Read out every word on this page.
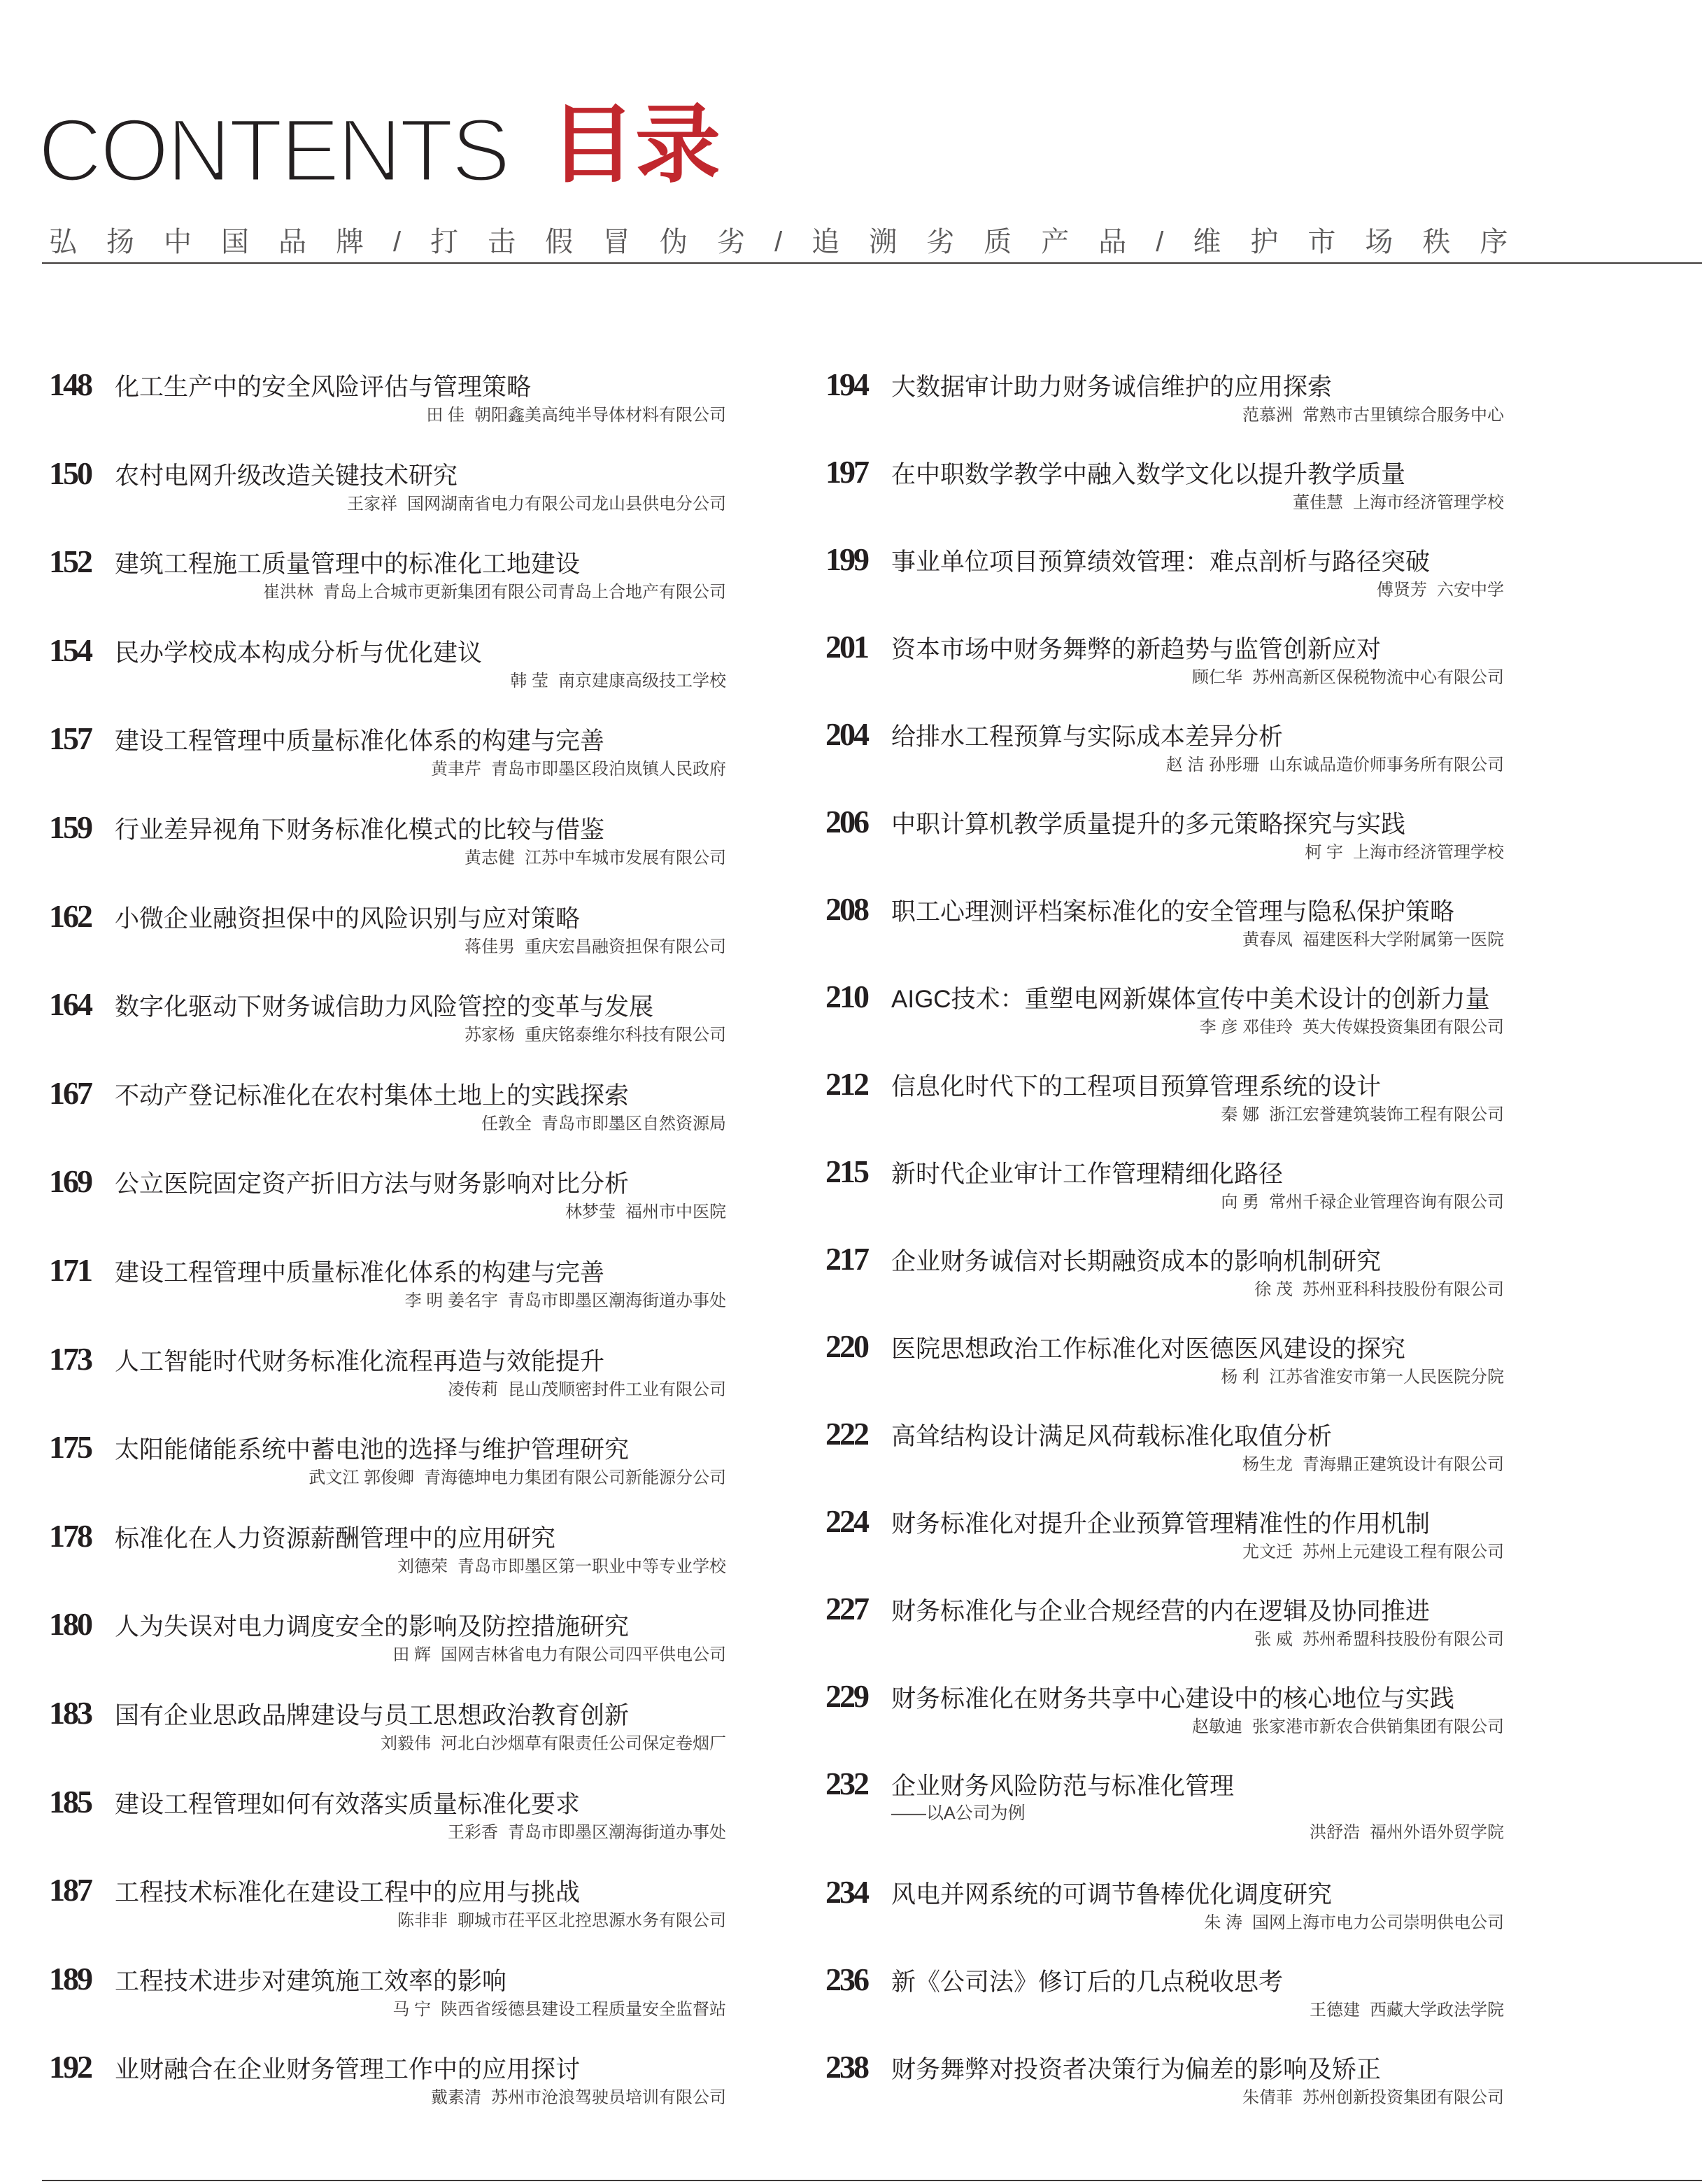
CONTENTS 目录
弘扬中国品牌/打击假冒伪劣/追溯劣质产品/维护市场秩序
148 化工生产中的安全风险评估与管理策略
田 佳 朝阳鑫美高纯半导体材料有限公司
150 农村电网升级改造关键技术研究
王家祥 国网湖南省电力有限公司龙山县供电分公司
152 建筑工程施工质量管理中的标准化工地建设
崔洪林 青岛上合城市更新集团有限公司青岛上合地产有限公司
154 民办学校成本构成分析与优化建议
韩 莹 南京建康高级技工学校
157 建设工程管理中质量标准化体系的构建与完善
黄聿芹 青岛市即墨区段泊岚镇人民政府
159 行业差异视角下财务标准化模式的比较与借鉴
黄志健 江苏中车城市发展有限公司
162 小微企业融资担保中的风险识别与应对策略
蒋佳男 重庆宏昌融资担保有限公司
164 数字化驱动下财务诚信助力风险管控的变革与发展
苏家杨 重庆铭泰维尔科技有限公司
167 不动产登记标准化在农村集体土地上的实践探索
任敦全 青岛市即墨区自然资源局
169 公立医院固定资产折旧方法与财务影响对比分析
林梦莹 福州市中医院
171 建设工程管理中质量标准化体系的构建与完善
李 明 姜名宇 青岛市即墨区潮海街道办事处
173 人工智能时代财务标准化流程再造与效能提升
凌传莉 昆山茂顺密封件工业有限公司
175 太阳能储能系统中蓄电池的选择与维护管理研究
武文江 郭俊卿 青海德坤电力集团有限公司新能源分公司
178 标准化在人力资源薪酬管理中的应用研究
刘德荣 青岛市即墨区第一职业中等专业学校
180 人为失误对电力调度安全的影响及防控措施研究
田 辉 国网吉林省电力有限公司四平供电公司
183 国有企业思政品牌建设与员工思想政治教育创新
刘毅伟 河北白沙烟草有限责任公司保定卷烟厂
185 建设工程管理如何有效落实质量标准化要求
王彩香 青岛市即墨区潮海街道办事处
187 工程技术标准化在建设工程中的应用与挑战
陈非非 聊城市茌平区北控思源水务有限公司
189 工程技术进步对建筑施工效率的影响
马 宁 陕西省绥德县建设工程质量安全监督站
192 业财融合在企业财务管理工作中的应用探讨
戴素清 苏州市沧浪驾驶员培训有限公司
194 大数据审计助力财务诚信维护的应用探索
范慕洲 常熟市古里镇综合服务中心
197 在中职数学教学中融入数学文化以提升教学质量
董佳慧 上海市经济管理学校
199 事业单位项目预算绩效管理：难点剖析与路径突破
傅贤芳 六安中学
201 资本市场中财务舞弊的新趋势与监管创新应对
顾仁华 苏州高新区保税物流中心有限公司
204 给排水工程预算与实际成本差异分析
赵 洁 孙彤珊 山东诚品造价师事务所有限公司
206 中职计算机教学质量提升的多元策略探究与实践
柯 宇 上海市经济管理学校
208 职工心理测评档案标准化的安全管理与隐私保护策略
黄春凤 福建医科大学附属第一医院
210 AIGC技术：重塑电网新媒体宣传中美术设计的创新力量
李 彦 邓佳玲 英大传媒投资集团有限公司
212 信息化时代下的工程项目预算管理系统的设计
秦 娜 浙江宏誉建筑装饰工程有限公司
215 新时代企业审计工作管理精细化路径
向 勇 常州千禄企业管理咨询有限公司
217 企业财务诚信对长期融资成本的影响机制研究
徐 茂 苏州亚科科技股份有限公司
220 医院思想政治工作标准化对医德医风建设的探究
杨 利 江苏省淮安市第一人民医院分院
222 高耸结构设计满足风荷载标准化取值分析
杨生龙 青海鼎正建筑设计有限公司
224 财务标准化对提升企业预算管理精准性的作用机制
尤文迁 苏州上元建设工程有限公司
227 财务标准化与企业合规经营的内在逻辑及协同推进
张 威 苏州希盟科技股份有限公司
229 财务标准化在财务共享中心建设中的核心地位与实践
赵敏迪 张家港市新农合供销集团有限公司
232 企业财务风险防范与标准化管理
——以A公司为例
洪舒浩 福州外语外贸学院
234 风电并网系统的可调节鲁棒优化调度研究
朱 涛 国网上海市电力公司崇明供电公司
236 新《公司法》修订后的几点税收思考
王德建 西藏大学政法学院
238 财务舞弊对投资者决策行为偏差的影响及矫正
朱倩菲 苏州创新投资集团有限公司
